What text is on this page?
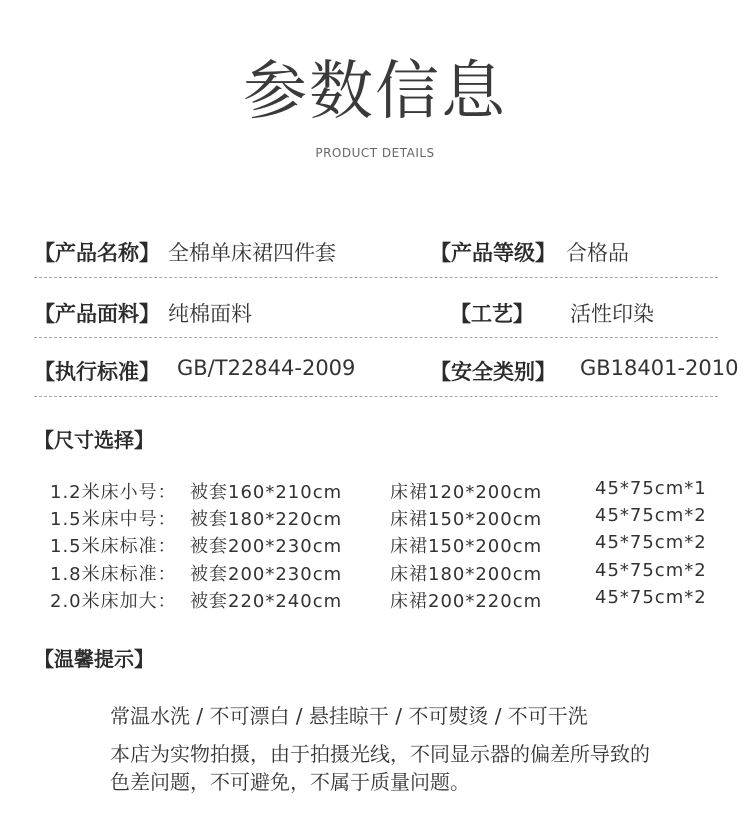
参数信息
PRODUCT DETAILS
【产品名称】 全棉单床裙四件套	【产品等级】 合格品
【产品面料】 纯棉面料	【工艺】 活性印染
【执行标准】 GB/T22844-2009	【安全类别】 GB18401-2010
【尺寸选择】
1.2米床小号： 被套160*210cm	床裙120*200cm	45*75cm*1
1.5米床中号： 被套180*220cm	床裙150*200cm	45*75cm*2
1.5米床标准： 被套200*230cm	床裙150*200cm	45*75cm*2
1.8米床标准： 被套200*230cm	床裙180*200cm	45*75cm*2
2.0米床加大： 被套220*240cm	床裙200*220cm	45*75cm*2
【温馨提示】
常温水洗 / 不可漂白 / 悬挂晾干 / 不可熨烫 / 不可干洗
本店为实物拍摄，由于拍摄光线，不同显示器的偏差所导致的
色差问题，不可避免，不属于质量问题。
